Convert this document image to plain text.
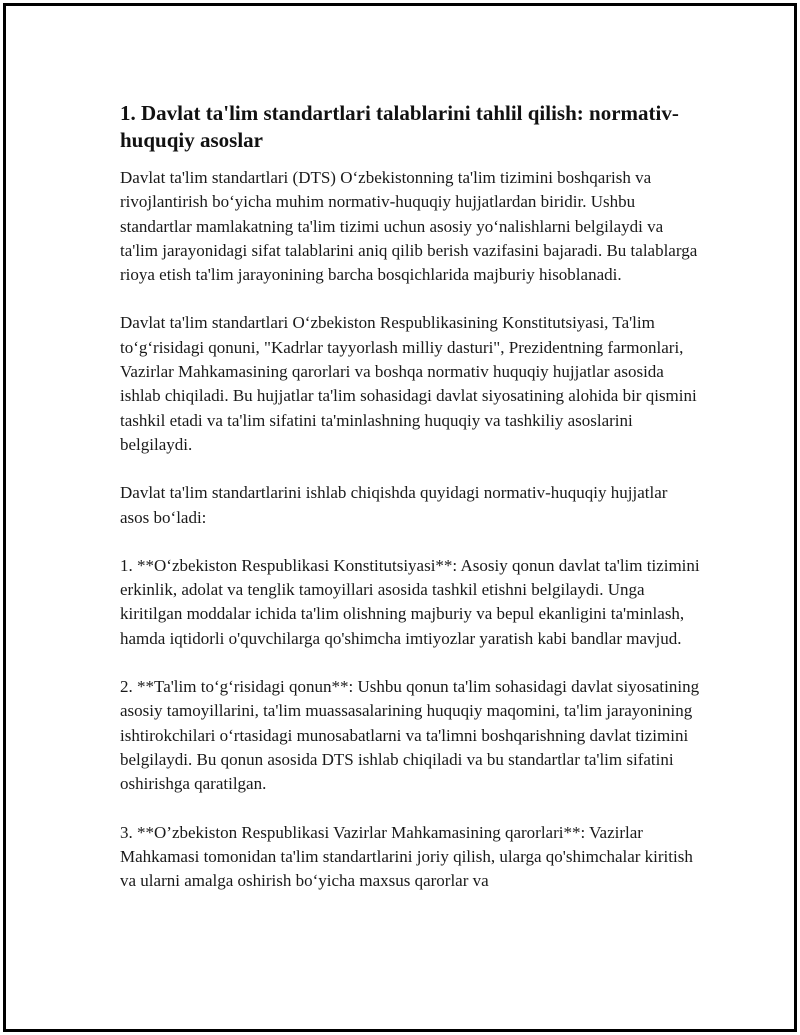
1. Davlat ta'lim standartlari talablarini tahlil qilish: normativ-huquqiy asoslar

Davlat ta'lim standartlari (DTS) O‘zbekistonning ta'lim tizimini boshqarish va rivojlantirish bo‘yicha muhim normativ-huquqiy hujjatlardan biridir. Ushbu standartlar mamlakatning ta'lim tizimi uchun asosiy yo‘nalishlarni belgilaydi va ta'lim jarayonidagi sifat talablarini aniq qilib berish vazifasini bajaradi. Bu talablarga rioya etish ta'lim jarayonining barcha bosqichlarida majburiy hisoblanadi.

Davlat ta'lim standartlari O‘zbekiston Respublikasining Konstitutsiyasi, Ta'lim to‘g‘risidagi qonuni, "Kadrlar tayyorlash milliy dasturi", Prezidentning farmonlari, Vazirlar Mahkamasining qarorlari va boshqa normativ huquqiy hujjatlar asosida ishlab chiqiladi. Bu hujjatlar ta'lim sohasidagi davlat siyosatining alohida bir qismini tashkil etadi va ta'lim sifatini ta'minlashning huquqiy va tashkiliy asoslarini belgilaydi.

Davlat ta'lim standartlarini ishlab chiqishda quyidagi normativ-huquqiy hujjatlar asos bo‘ladi:

1. **O‘zbekiston Respublikasi Konstitutsiyasi**: Asosiy qonun davlat ta'lim tizimini erkinlik, adolat va tenglik tamoyillari asosida tashkil etishni belgilaydi. Unga kiritilgan moddalar ichida ta'lim olishning majburiy va bepul ekanligini ta'minlash, hamda iqtidorli o'quvchilarga qo'shimcha imtiyozlar yaratish kabi bandlar mavjud.

2. **Ta'lim to‘g‘risidagi qonun**: Ushbu qonun ta'lim sohasidagi davlat siyosatining asosiy tamoyillarini, ta'lim muassasalarining huquqiy maqomini, ta'lim jarayonining ishtirokchilari o‘rtasidagi munosabatlarni va ta'limni boshqarishning davlat tizimini belgilaydi. Bu qonun asosida DTS ishlab chiqiladi va bu standartlar ta'lim sifatini oshirishga qaratilgan.

3. **O’zbekiston Respublikasi Vazirlar Mahkamasining qarorlari**: Vazirlar Mahkamasi tomonidan ta'lim standartlarini joriy qilish, ularga qo'shimchalar kiritish va ularni amalga oshirish bo‘yicha maxsus qarorlar va
